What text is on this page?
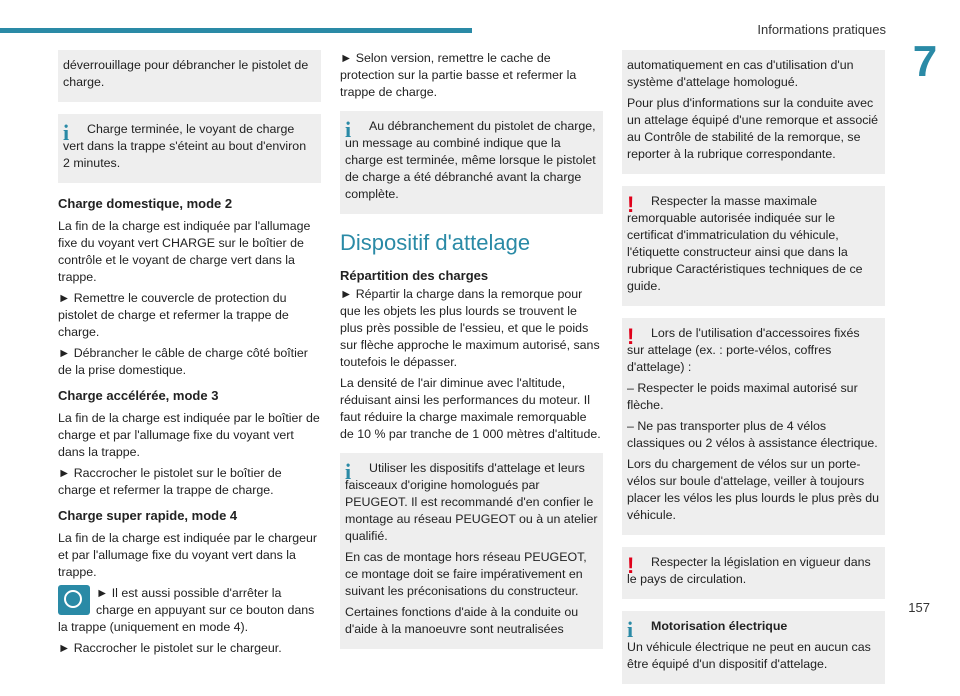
Informations pratiques
7

déverrouillage pour débrancher le pistolet de charge.

i	Charge terminée, le voyant de charge vert dans la trappe s'éteint au bout d'environ 2 minutes.

Charge domestique, mode 2

La fin de la charge est indiquée par l'allumage fixe du voyant vert CHARGE sur le boîtier de contrôle et le voyant de charge vert dans la trappe.

► Remettre le couvercle de protection du pistolet de charge et refermer la trappe de charge.

► Débrancher le câble de charge côté boîtier de la prise domestique.

Charge accélérée, mode 3

La fin de la charge est indiquée par le boîtier de charge et par l'allumage fixe du voyant vert dans la trappe.

► Raccrocher le pistolet sur le boîtier de charge et refermer la trappe de charge.

Charge super rapide, mode 4

La fin de la charge est indiquée par le chargeur et par l'allumage fixe du voyant vert dans la trappe.

► Il est aussi possible d'arrêter la charge en appuyant sur ce bouton dans la trappe (uniquement en mode 4).

► Raccrocher le pistolet sur le chargeur.

► Selon version, remettre le cache de protection sur la partie basse et refermer la trappe de charge.

i	Au débranchement du pistolet de charge, un message au combiné indique que la charge est terminée, même lorsque le pistolet de charge a été débranché avant la charge complète.

Dispositif d'attelage
Répartition des charges

► Répartir la charge dans la remorque pour que les objets les plus lourds se trouvent le plus près possible de l'essieu, et que le poids sur flèche approche le maximum autorisé, sans toutefois le dépasser.

La densité de l'air diminue avec l'altitude, réduisant ainsi les performances du moteur. Il faut réduire la charge maximale remorquable de 10 % par tranche de 1 000 mètres d'altitude.

i	Utiliser les dispositifs d'attelage et leurs faisceaux d'origine homologués par PEUGEOT. Il est recommandé d'en confier le montage au réseau PEUGEOT ou à un atelier qualifié.

En cas de montage hors réseau PEUGEOT, ce montage doit se faire impérativement en suivant les préconisations du constructeur.

Certaines fonctions d'aide à la conduite ou d'aide à la manoeuvre sont neutralisées

automatiquement en cas d'utilisation d'un système d'attelage homologué.

Pour plus d'informations sur la conduite avec un attelage équipé d'une remorque et associé au Contrôle de stabilité de la remorque, se reporter à la rubrique correspondante.

!	Respecter la masse maximale remorquable autorisée indiquée sur le certificat d'immatriculation du véhicule, l'étiquette constructeur ainsi que dans la rubrique Caractéristiques techniques de ce guide.

!	Lors de l'utilisation d'accessoires fixés sur attelage (ex. : porte-vélos, coffres d'attelage) :

– Respecter le poids maximal autorisé sur flèche.

– Ne pas transporter plus de 4 vélos classiques ou 2 vélos à assistance électrique.

Lors du chargement de vélos sur un porte-vélos sur boule d'attelage, veiller à toujours placer les vélos les plus lourds le plus près du véhicule.

!	Respecter la législation en vigueur dans le pays de circulation.

i	Motorisation électrique

Un véhicule électrique ne peut en aucun cas être équipé d'un dispositif d'attelage.

157
